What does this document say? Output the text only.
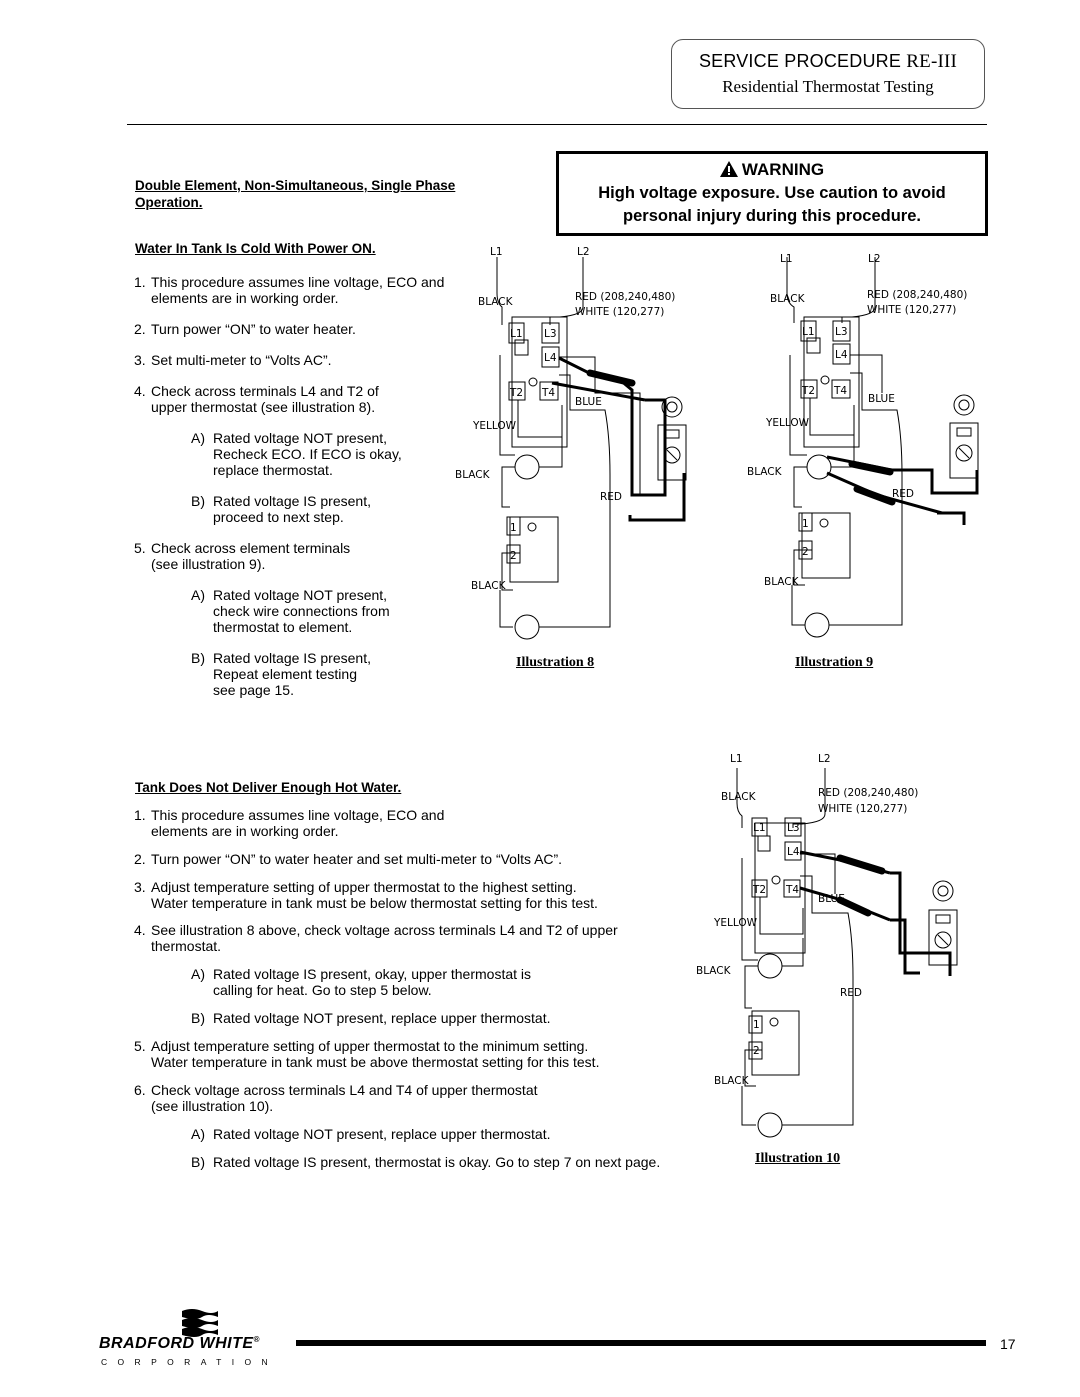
SERVICE PROCEDURE RE-III
Residential Thermostat Testing
WARNING
High voltage exposure. Use caution to avoid
personal injury during this procedure.
Double Element, Non-Simultaneous, Single Phase
Operation.
Water In Tank Is Cold With Power ON.
1. This procedure assumes line voltage, ECO and
elements are in working order.
2. Turn power “ON” to water heater.
3. Set multi-meter to “Volts AC”.
4. Check across terminals L4 and T2 of
upper thermostat (see illustration 8).
A) Rated voltage NOT present,
Recheck ECO. If ECO is okay,
replace thermostat.
B) Rated voltage IS present,
proceed to next step.
5. Check across element terminals
(see illustration 9).
A) Rated voltage NOT present,
check wire connections from
thermostat to element.
B) Rated voltage IS present,
Repeat element testing
see page 15.
Tank Does Not Deliver Enough Hot Water.
1. This procedure assumes line voltage, ECO and
elements are in working order.
2. Turn power “ON” to water heater and set multi-meter to “Volts AC”.
3. Adjust temperature setting of upper thermostat to the highest setting.
Water temperature in tank must be below thermostat setting for this test.
4. See illustration 8 above, check voltage across terminals L4 and T2 of upper
thermostat.
A) Rated voltage IS present, okay, upper thermostat is
calling for heat. Go to step 5 below.
B) Rated voltage NOT present, replace upper thermostat.
5. Adjust temperature setting of upper thermostat to the minimum setting.
Water temperature in tank must be above thermostat setting for this test.
6. Check voltage across terminals L4 and T4 of upper thermostat
(see illustration 10).
A) Rated voltage NOT present, replace upper thermostat.
B) Rated voltage IS present, thermostat is okay. Go to step 7 on next page.
L1	L2
BLACK	RED (208,240,480)
WHITE (120,277)
L1 L3
L4
T2 T4
BLUE
YELLOW
BLACK
RED
1
2
BLACK
L1	L2
BLACK	RED (208,240,480)
WHITE (120,277)
L1 L3
L4
T2 T4
BLUE
YELLOW
BLACK
RED
1
2
BLACK
L1	L2
BLACK	RED (208,240,480)
WHITE (120,277)
L1 L3
L4
T2 T4
BLUE
YELLOW
BLACK
RED
1
2
BLACK
Illustration 8	Illustration 9
Illustration 10
BRADFORD WHITE®
CORPORATION
17
